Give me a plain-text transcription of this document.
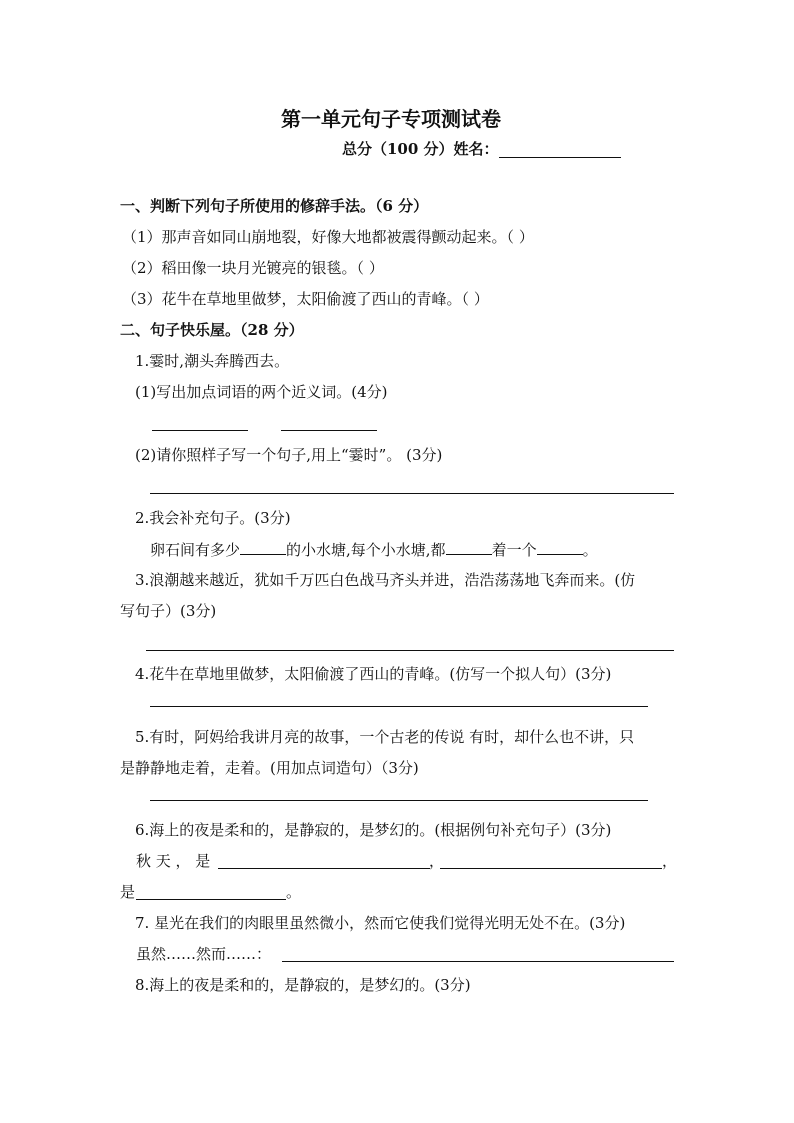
第一单元句子专项测试卷
总分（100 分）姓名：
一、判断下列句子所使用的修辞手法。（6 分）
（1）那声音如同山崩地裂，好像大地都被震得颤动起来。（ ）
（2）稻田像一块月光镀亮的银毯。（ ）
（3）花牛在草地里做梦，太阳偷渡了西山的青峰。（ ）
二、句子快乐屋。（28 分）
1.霎时,潮头奔腾西去。
(1)写出加点词语的两个近义词。(4分)
(2)请你照样子写一个句子,用上“霎时”。 (3分)
2.我会补充句子。(3分)
卵石间有多少	的小水塘,每个小水塘,都	着一个	。
3.浪潮越来越近，犹如千万匹白色战马齐头并进，浩浩荡荡地飞奔而来。(仿
写句子）(3分)
4.花牛在草地里做梦，太阳偷渡了西山的青峰。(仿写一个拟人句）(3分)
5.有时，阿妈给我讲月亮的故事，一个古老的传说 有时，却什么也不讲，只
是静静地走着，走着。(用加点词造句）（3分)
6.海上的夜是柔和的，是静寂的，是梦幻的。(根据例句补充句子）(3分)
秋 天 ， 是	，	，
是	。
7. 星光在我们的肉眼里虽然微小，然而它使我们觉得光明无处不在。(3分)
虽然……然而……：
8.海上的夜是柔和的，是静寂的，是梦幻的。(3分)
